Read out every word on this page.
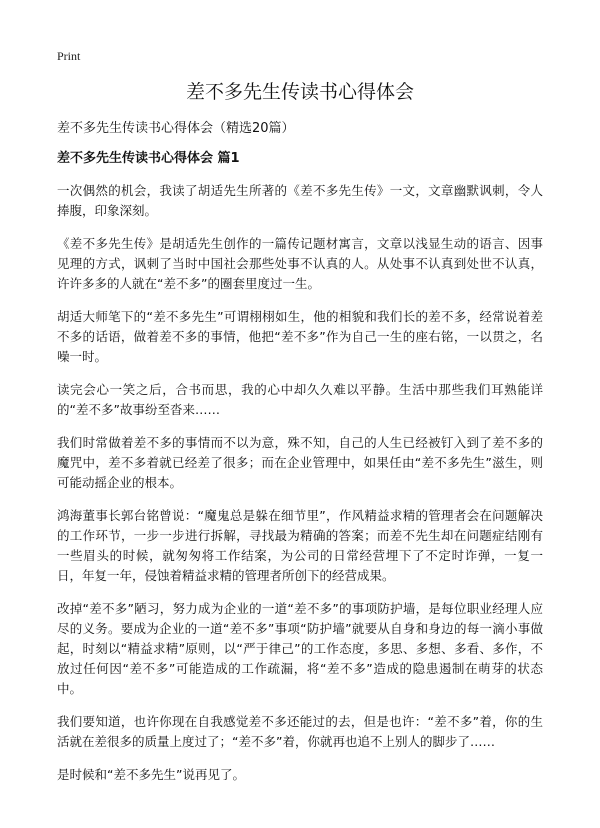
Print
差不多先生传读书心得体会
差不多先生传读书心得体会（精选20篇）
差不多先生传读书心得体会 篇1

一次偶然的机会，我读了胡适先生所著的《差不多先生传》一文，文章幽默讽刺，令人捧腹，印象深刻。

《差不多先生传》是胡适先生创作的一篇传记题材寓言，文章以浅显生动的语言、因事见理的方式，讽刺了当时中国社会那些处事不认真的人。从处事不认真到处世不认真，许许多多的人就在“差不多”的圈套里度过一生。

胡适大师笔下的“差不多先生”可谓栩栩如生，他的相貌和我们长的差不多，经常说着差不多的话语，做着差不多的事情，他把“差不多”作为自己一生的座右铭，一以贯之，名噪一时。

读完会心一笑之后，合书而思，我的心中却久久难以平静。生活中那些我们耳熟能详的“差不多”故事纷至沓来……

我们时常做着差不多的事情而不以为意，殊不知，自己的人生已经被钉入到了差不多的魔咒中，差不多着就已经差了很多；而在企业管理中，如果任由“差不多先生”滋生，则可能动摇企业的根本。

鸿海董事长郭台铭曾说：“魔鬼总是躲在细节里”，作风精益求精的管理者会在问题解决的工作环节，一步一步进行拆解，寻找最为精确的答案；而差不先生却在问题症结刚有一些眉头的时候，就匆匆将工作结案，为公司的日常经营埋下了不定时诈弹，一复一日，年复一年，侵蚀着精益求精的管理者所创下的经营成果。

改掉“差不多”陋习，努力成为企业的一道“差不多”的事项防护墙，是每位职业经理人应尽的义务。要成为企业的一道“差不多”事项“防护墙”就要从自身和身边的每一滴小事做起，时刻以“精益求精”原则，以“严于律己”的工作态度，多思、多想、多看、多作，不放过任何因“差不多”可能造成的工作疏漏，将“差不多”造成的隐患遏制在萌芽的状态中。

我们要知道，也许你现在自我感觉差不多还能过的去，但是也许：“差不多”着，你的生活就在差很多的质量上度过了；“差不多”着，你就再也追不上别人的脚步了……

是时候和“差不多先生”说再见了。
